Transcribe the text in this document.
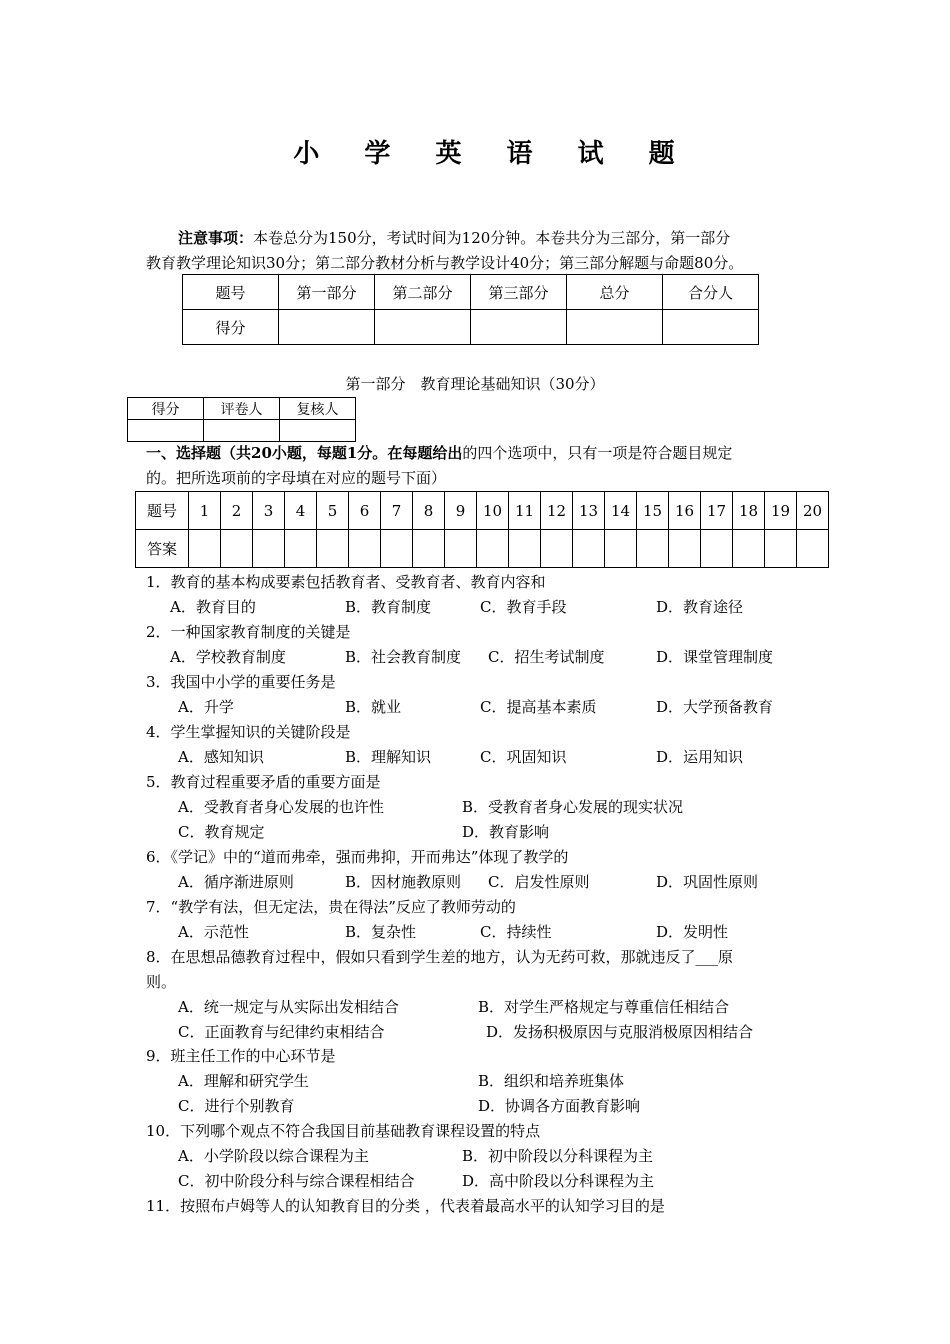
小 学 英 语 试 题
注意事项：本卷总分为150分，考试时间为120分钟。本卷共分为三部分，第一部分
教育教学理论知识30分；第二部分教材分析与教学设计40分；第三部分解题与命题80分。
题号	第一部分	第二部分	第三部分	总分	合分人
得分					
第一部分　教育理论基础知识（30分）
得分	评卷人	复核人

一、选择题（共20小题，每题1分。在每题给出的四个选项中，只有一项是符合题目规定
的。把所选项前的字母填在对应的题号下面）
题号	1	2	3	4	5	6	7	8	9	10	11	12	13	14	15	16	17	18	19	20
答案																				
1．教育的基本构成要素包括教育者、受教育者、教育内容和
A．教育目的	B．教育制度	C．教育手段	D．教育途径
2．一种国家教育制度的关键是
A．学校教育制度	B．社会教育制度 C．招生考试制度	D．课堂管理制度
3．我国中小学的重要任务是
A．升学	B．就业	C．提高基本素质	D．大学预备教育
4．学生掌握知识的关键阶段是
A．感知知识	B．理解知识	C．巩固知识	D．运用知识
5．教育过程重要矛盾的重要方面是
A．受教育者身心发展的也许性	B．受教育者身心发展的现实状况
C．教育规定	D．教育影响
6．《学记》中的“道而弗牵，强而弗抑，开而弗达”体现了教学的
A．循序渐进原则	B．因材施教原则 C．启发性原则	D．巩固性原则
7．“教学有法，但无定法，贵在得法”反应了教师劳动的
A．示范性	B．复杂性	C．持续性	D．发明性
8．在思想品德教育过程中，假如只看到学生差的地方，认为无药可救，那就违反了___原
则。
A．统一规定与从实际出发相结合	B．对学生严格规定与尊重信任相结合
C．正面教育与纪律约束相结合	D．发扬积极原因与克服消极原因相结合
9．班主任工作的中心环节是
A．理解和研究学生	B．组织和培养班集体
C．进行个别教育	D．协调各方面教育影响
10．下列哪个观点不符合我国目前基础教育课程设置的特点
A．小学阶段以综合课程为主	B．初中阶段以分科课程为主
C．初中阶段分科与综合课程相结合	D．高中阶段以分科课程为主
11．按照布卢姆等人的认知教育目的分类 ，代表着最高水平的认知学习目的是
